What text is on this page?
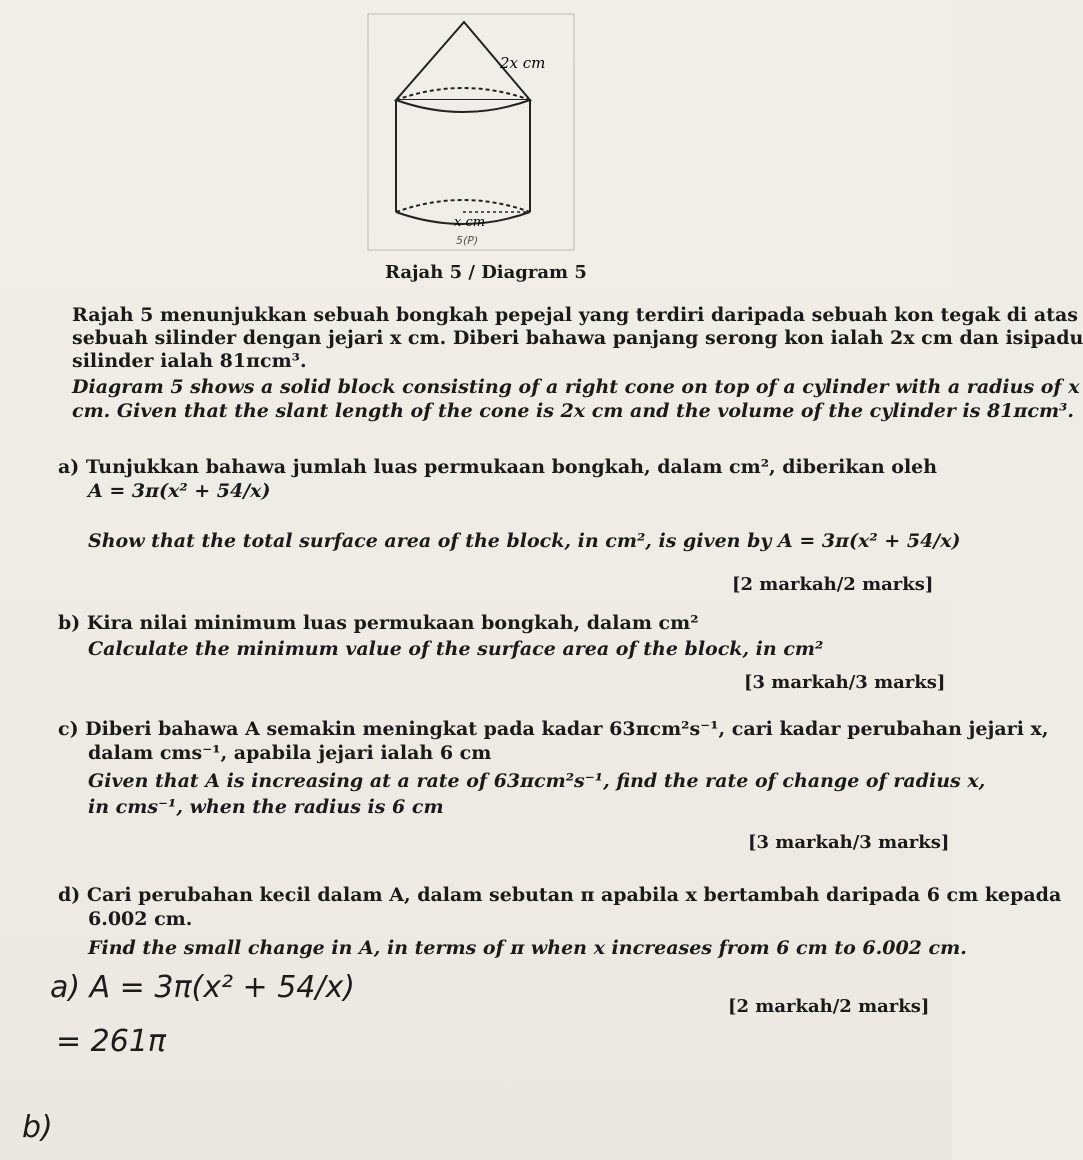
2x cm
x cm
5(P)
Rajah 5 / Diagram 5
Rajah 5 menunjukkan sebuah bongkah pepejal yang terdiri daripada sebuah kon tegak di atas
sebuah silinder dengan jejari x cm. Diberi bahawa panjang serong kon ialah 2x cm dan isipadu
silinder ialah 81πcm³.
Diagram 5 shows a solid block consisting of a right cone on top of a cylinder with a radius of x
cm. Given that the slant length of the cone is 2x cm and the volume of the cylinder is 81πcm³.
a) Tunjukkan bahawa jumlah luas permukaan bongkah, dalam cm², diberikan oleh
A = 3π(x² + 54/x)
Show that the total surface area of the block, in cm², is given by A = 3π(x² + 54/x)
[2 markah/2 marks]
b) Kira nilai minimum luas permukaan bongkah, dalam cm²
Calculate the minimum value of the surface area of the block, in cm²
[3 markah/3 marks]
c) Diberi bahawa A semakin meningkat pada kadar 63πcm²s⁻¹, cari kadar perubahan jejari x,
dalam cms⁻¹, apabila jejari ialah 6 cm
Given that A is increasing at a rate of 63πcm²s⁻¹, find the rate of change of radius x,
in cms⁻¹, when the radius is 6 cm
[3 markah/3 marks]
d) Cari perubahan kecil dalam A, dalam sebutan π apabila x bertambah daripada 6 cm kepada
6.002 cm.
Find the small change in A, in terms of π when x increases from 6 cm to 6.002 cm.
[2 markah/2 marks]
a) A = 3π(x² + 54/x)
= 261π
b)
